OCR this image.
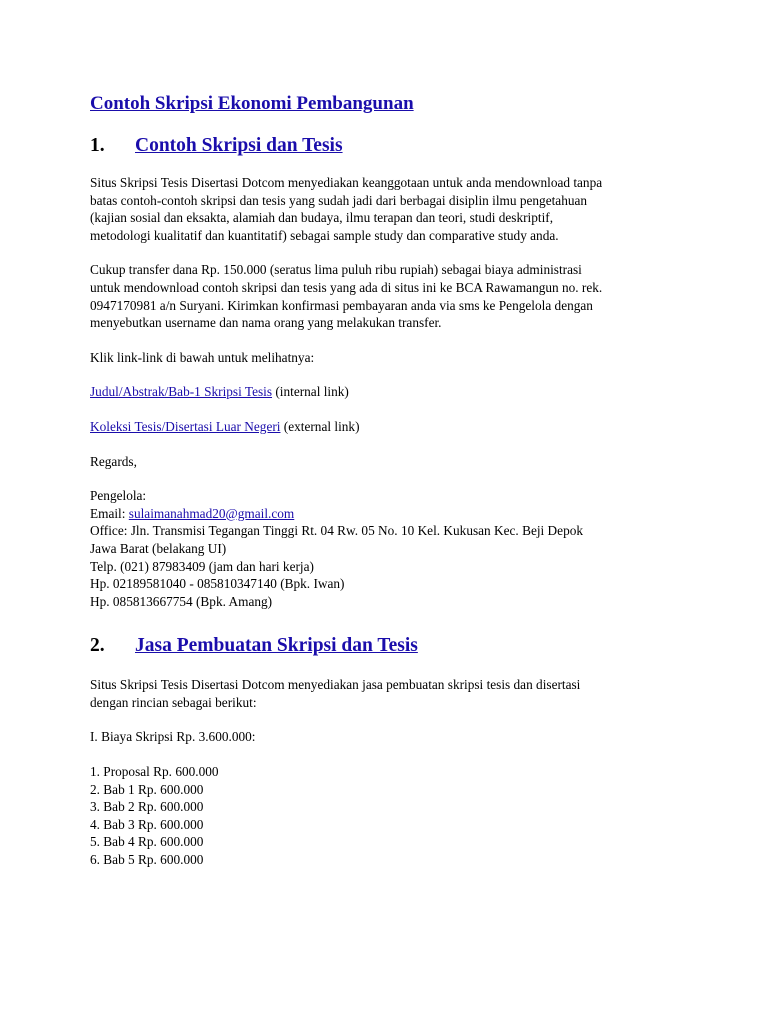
Contoh Skripsi Ekonomi Pembangunan
1.	Contoh Skripsi dan Tesis

Situs Skripsi Tesis Disertasi Dotcom menyediakan keanggotaan untuk anda mendownload tanpa
batas contoh-contoh skripsi dan tesis yang sudah jadi dari berbagai disiplin ilmu pengetahuan
(kajian sosial dan eksakta, alamiah dan budaya, ilmu terapan dan teori, studi deskriptif,
metodologi kualitatif dan kuantitatif) sebagai sample study dan comparative study anda.

Cukup transfer dana Rp. 150.000 (seratus lima puluh ribu rupiah) sebagai biaya administrasi
untuk mendownload contoh skripsi dan tesis yang ada di situs ini ke BCA Rawamangun no. rek.
0947170981 a/n Suryani. Kirimkan konfirmasi pembayaran anda via sms ke Pengelola dengan
menyebutkan username dan nama orang yang melakukan transfer.

Klik link-link di bawah untuk melihatnya:

Judul/Abstrak/Bab-1 Skripsi Tesis (internal link)

Koleksi Tesis/Disertasi Luar Negeri (external link)

Regards,

Pengelola:
Email: sulaimanahmad20@gmail.com
Office: Jln. Transmisi Tegangan Tinggi Rt. 04 Rw. 05 No. 10 Kel. Kukusan Kec. Beji Depok
Jawa Barat (belakang UI)
Telp. (021) 87983409 (jam dan hari kerja)
Hp. 02189581040 - 085810347140 (Bpk. Iwan)
Hp. 085813667754 (Bpk. Amang)

2.	Jasa Pembuatan Skripsi dan Tesis

Situs Skripsi Tesis Disertasi Dotcom menyediakan jasa pembuatan skripsi tesis dan disertasi
dengan rincian sebagai berikut:

I. Biaya Skripsi Rp. 3.600.000:

1. Proposal Rp. 600.000
2. Bab 1 Rp. 600.000
3. Bab 2 Rp. 600.000
4. Bab 3 Rp. 600.000
5. Bab 4 Rp. 600.000
6. Bab 5 Rp. 600.000
